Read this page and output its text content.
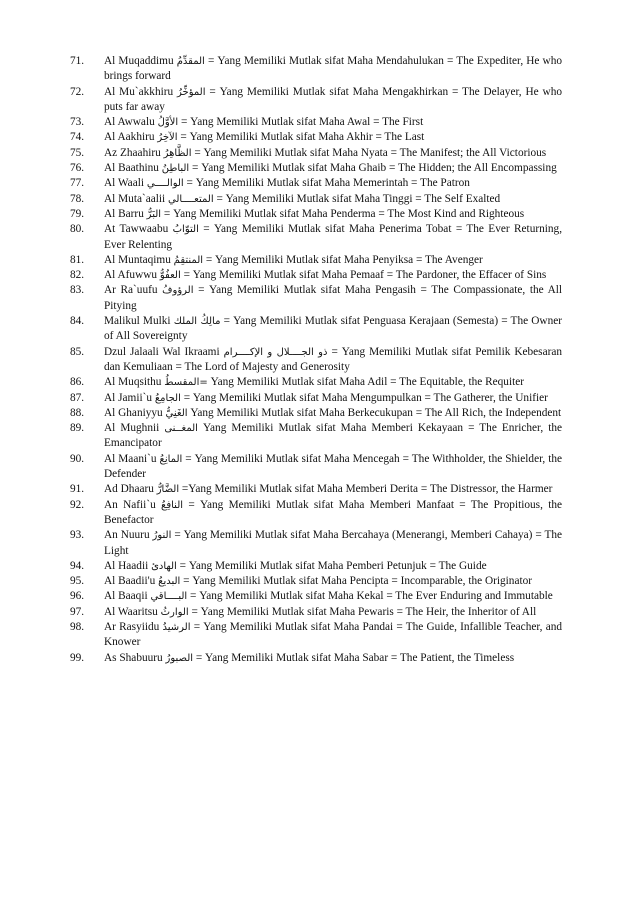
71. Al Muqaddimu المقدِّمُ = Yang Memiliki Mutlak sifat Maha Mendahulukan = The Expediter, He who brings forward
72. Al Mu`akkhiru المؤخِّرُ = Yang Memiliki Mutlak sifat Maha Mengakhirkan = The Delayer, He who puts far away
73. Al Awwalu الأوَّلُ = Yang Memiliki Mutlak sifat Maha Awal = The First
74. Al Aakhiru الآخِرُ = Yang Memiliki Mutlak sifat Maha Akhir = The Last
75. Az Zhaahiru الظَّاهِرُ = Yang Memiliki Mutlak sifat Maha Nyata = The Manifest; the All Victorious
76. Al Baathinu الباطِنُ = Yang Memiliki Mutlak sifat Maha Ghaib = The Hidden; the All Encompassing
77. Al Waali الوالــــي = Yang Memiliki Mutlak sifat Maha Memerintah = The Patron
78. Al Muta`aalii المتعــــالي = Yang Memiliki Mutlak sifat Maha Tinggi = The Self Exalted
79. Al Barru البَرُّ = Yang Memiliki Mutlak sifat Maha Penderma = The Most Kind and Righteous
80. At Tawwaabu التوّابُ = Yang Memiliki Mutlak sifat Maha Penerima Tobat = The Ever Returning, Ever Relenting
81. Al Muntaqimu المنتقِمُ = Yang Memiliki Mutlak sifat Maha Penyiksa = The Avenger
82. Al Afuwwu العفُوُّ = Yang Memiliki Mutlak sifat Maha Pemaaf = The Pardoner, the Effacer of Sins
83. Ar Ra`uufu الرؤوفُ = Yang Memiliki Mutlak sifat Maha Pengasih = The Compassionate, the All Pitying
84. Malikul Mulki مالِكُ الملك = Yang Memiliki Mutlak sifat Penguasa Kerajaan (Semesta) = The Owner of All Sovereignty
85. Dzul Jalaali Wal Ikraami ذو الجــــلال و الإكــــرام = Yang Memiliki Mutlak sifat Pemilik Kebesaran dan Kemuliaan = The Lord of Majesty and Generosity
86. Al Muqsithu =المقسطُ Yang Memiliki Mutlak sifat Maha Adil = The Equitable, the Requiter
87. Al Jamii`u الجامِعُ = Yang Memiliki Mutlak sifat Maha Mengumpulkan = The Gatherer, the Unifier
88. Al Ghaniyyu الغَنِيُّ Yang Memiliki Mutlak sifat Maha Berkecukupan = The All Rich, the Independent
89. Al Mughnii المغــنى Yang Memiliki Mutlak sifat Maha Memberi Kekayaan = The Enricher, the Emancipator
90. Al Maani`u المانِعُ = Yang Memiliki Mutlak sifat Maha Mencegah = The Withholder, the Shielder, the Defender
91. Ad Dhaaru الضَّارُّ =Yang Memiliki Mutlak sifat Maha Memberi Derita = The Distressor, the Harmer
92. An Nafii`u النافِعُ = Yang Memiliki Mutlak sifat Maha Memberi Manfaat = The Propitious, the Benefactor
93. An Nuuru النورُ = Yang Memiliki Mutlak sifat Maha Bercahaya (Menerangi, Memberi Cahaya) = The Light
94. Al Haadii الهادئ = Yang Memiliki Mutlak sifat Maha Pemberi Petunjuk = The Guide
95. Al Baadii'u البديعُ = Yang Memiliki Mutlak sifat Maha Pencipta = Incomparable, the Originator
96. Al Baaqii البــــاقي = Yang Memiliki Mutlak sifat Maha Kekal = The Ever Enduring and Immutable
97. Al Waaritsu الوارثُ = Yang Memiliki Mutlak sifat Maha Pewaris = The Heir, the Inheritor of All
98. Ar Rasyiidu الرشيدُ = Yang Memiliki Mutlak sifat Maha Pandai = The Guide, Infallible Teacher, and Knower
99. As Shabuuru الصبورُ = Yang Memiliki Mutlak sifat Maha Sabar = The Patient, the Timeless
